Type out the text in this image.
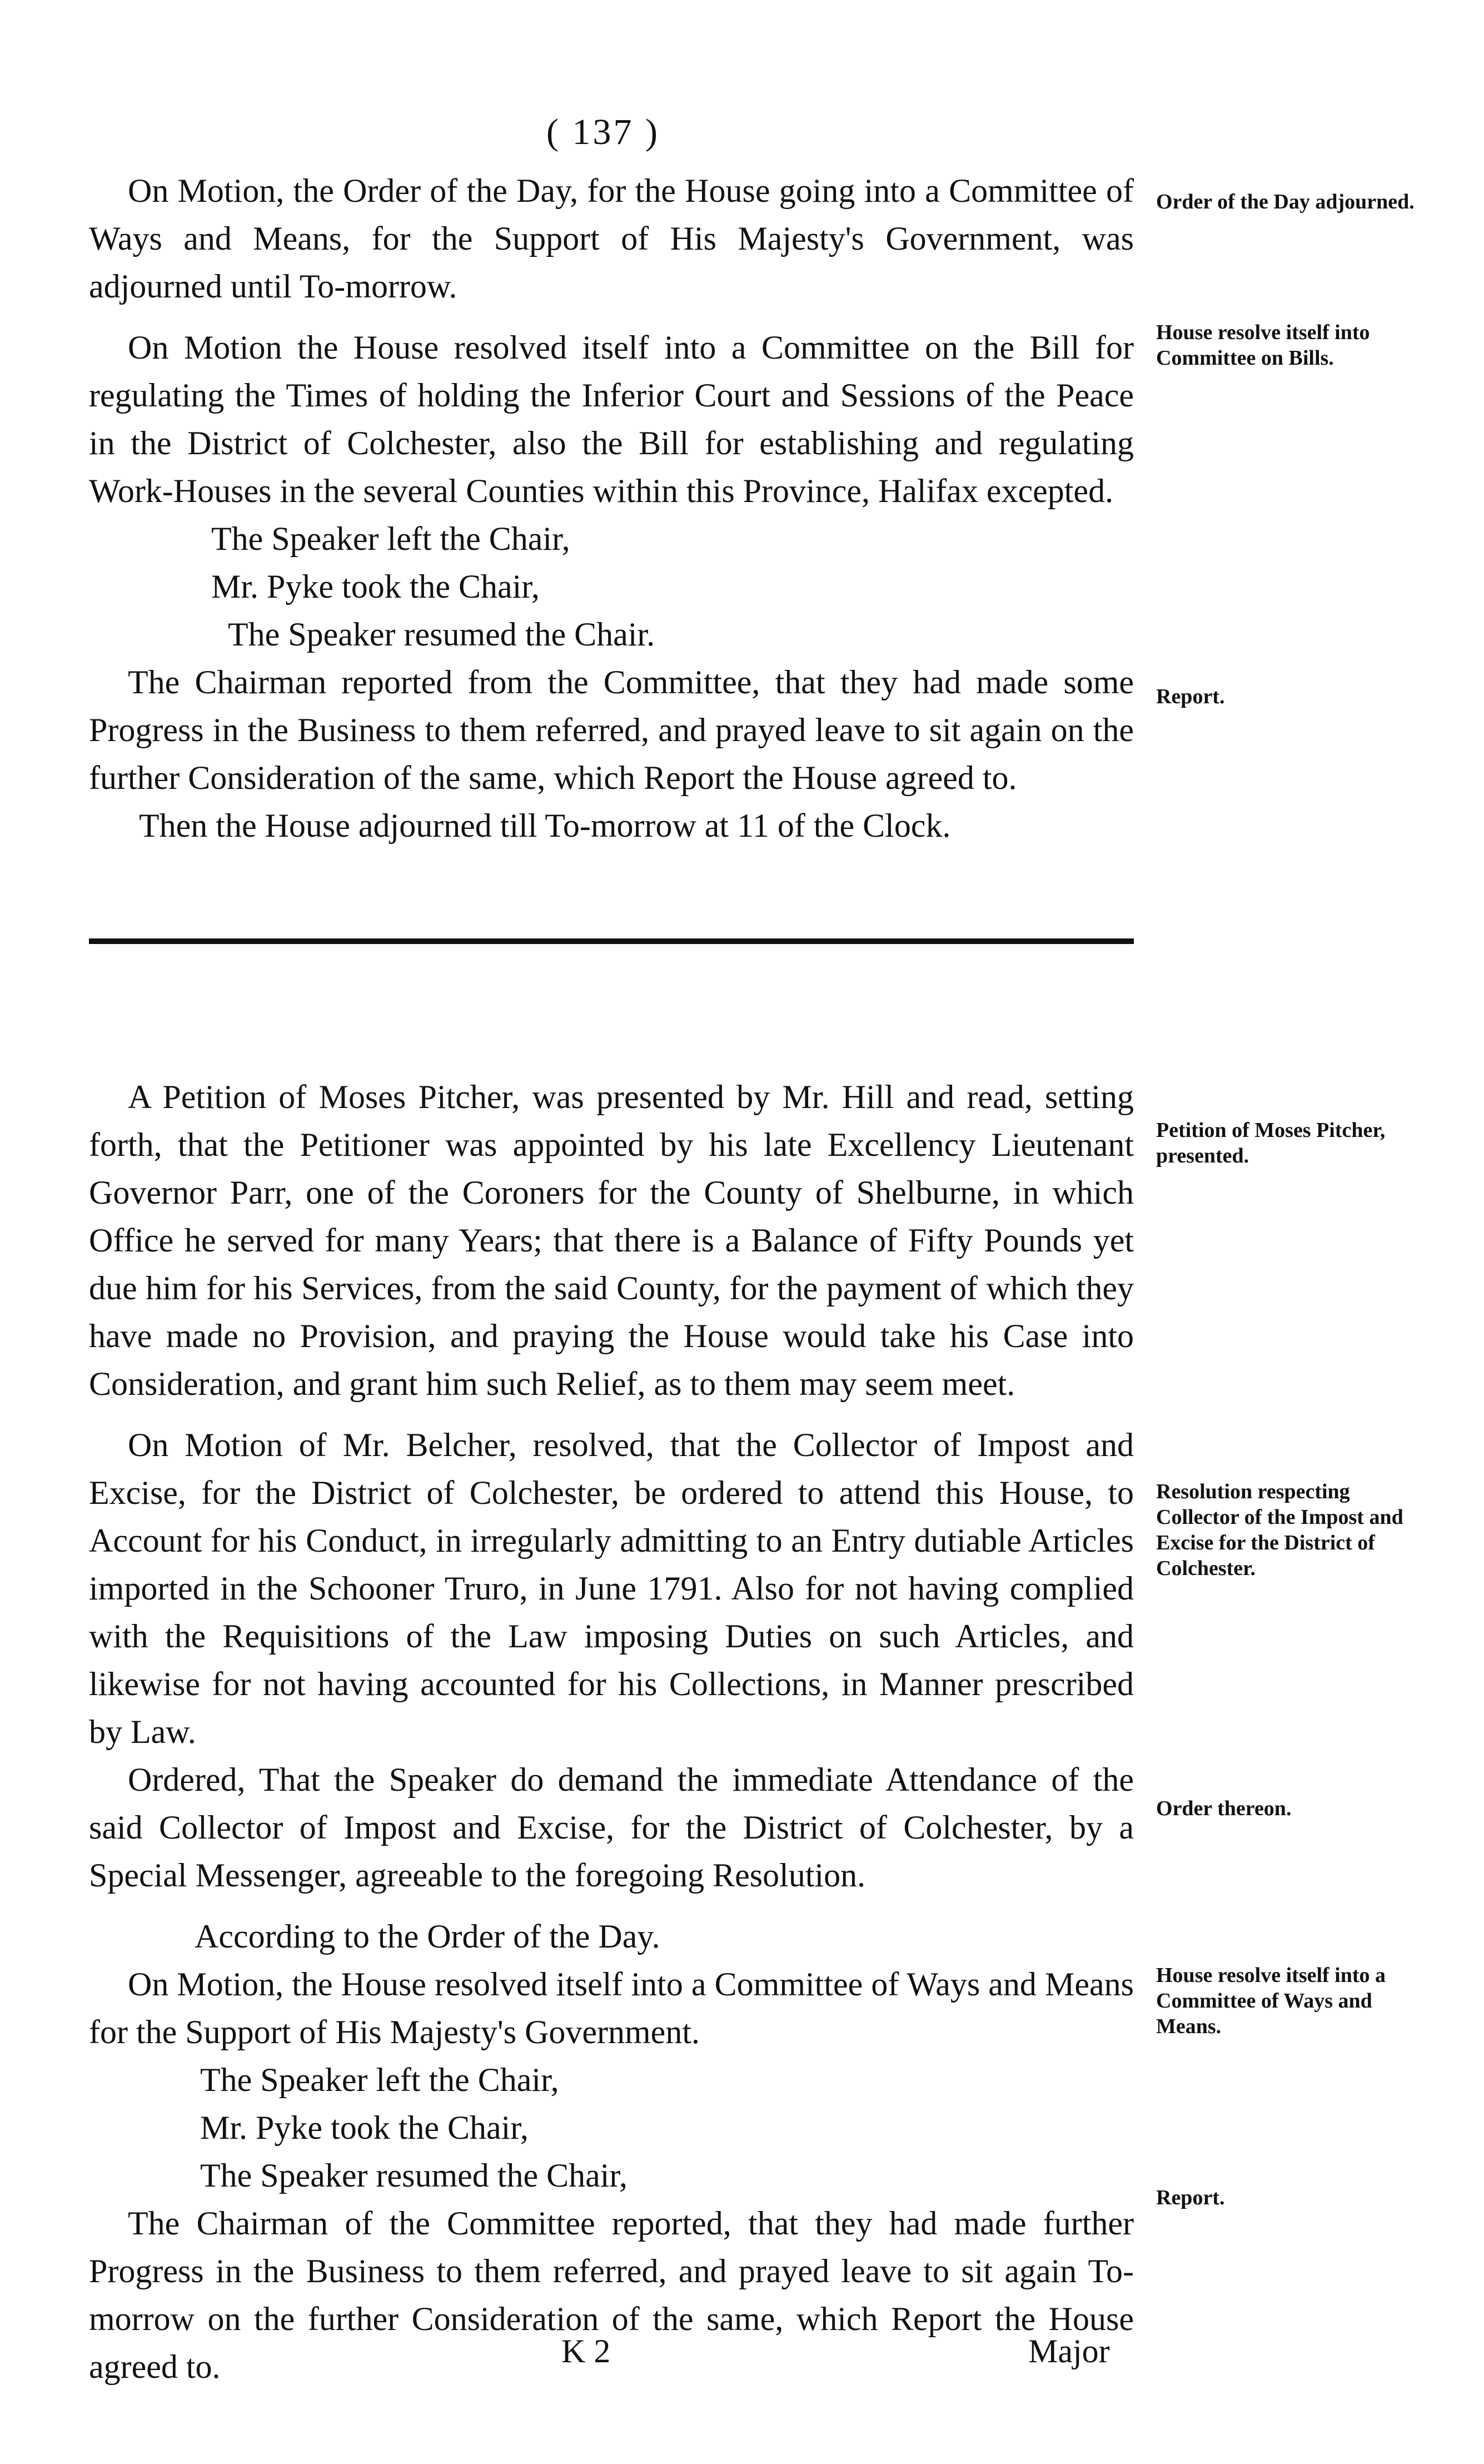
( 137 )

On Motion, the Order of the Day, for the House going into a Committee of Ways and Means, for the Support of His Majesty's Government, was adjourned until To-morrow.

On Motion the House resolved itself into a Committee on the Bill for regulating the Times of holding the Inferior Court and Sessions of the Peace in the District of Colchester, also the Bill for establishing and regulating Work-Houses in the several Counties within this Province, Halifax excepted.

The Speaker left the Chair,

Mr. Pyke took the Chair,

The Speaker resumed the Chair.

The Chairman reported from the Committee, that they had made some Progress in the Business to them referred, and prayed leave to sit again on the further Consideration of the same, which Report the House agreed to.

Then the House adjourned till To-morrow at 11 of the Clock.

Order of the Day adjourned.
House resolve itself into Committee on Bills.
Report.

A Petition of Moses Pitcher, was presented by Mr. Hill and read, setting forth, that the Petitioner was appointed by his late Excellency Lieutenant Governor Parr, one of the Coroners for the County of Shelburne, in which Office he served for many Years; that there is a Balance of Fifty Pounds yet due him for his Services, from the said County, for the payment of which they have made no Provision, and praying the House would take his Case into Consideration, and grant him such Relief, as to them may seem meet.

On Motion of Mr. Belcher, resolved, that the Collector of Impost and Excise, for the District of Colchester, be ordered to attend this House, to Account for his Conduct, in irregularly admitting to an Entry dutiable Articles imported in the Schooner Truro, in June 1791. Also for not having complied with the Requisitions of the Law imposing Duties on such Articles, and likewise for not having accounted for his Collections, in Manner prescribed by Law.

Ordered, That the Speaker do demand the immediate Attendance of the said Collector of Impost and Excise, for the District of Colchester, by a Special Messenger, agreeable to the foregoing Resolution.

According to the Order of the Day.

On Motion, the House resolved itself into a Committee of Ways and Means for the Support of His Majesty's Government.

The Speaker left the Chair,

Mr. Pyke took the Chair,

The Speaker resumed the Chair,

The Chairman of the Committee reported, that they had made further Progress in the Business to them referred, and prayed leave to sit again To-morrow on the further Consideration of the same, which Report the House agreed to.

Petition of Moses Pitcher, presented.
Resolution respecting Collector of the Impost and Excise for the District of Colchester.
Order thereon.
House resolve itself into a Committee of Ways and Means.
Report.
K 2	Major
